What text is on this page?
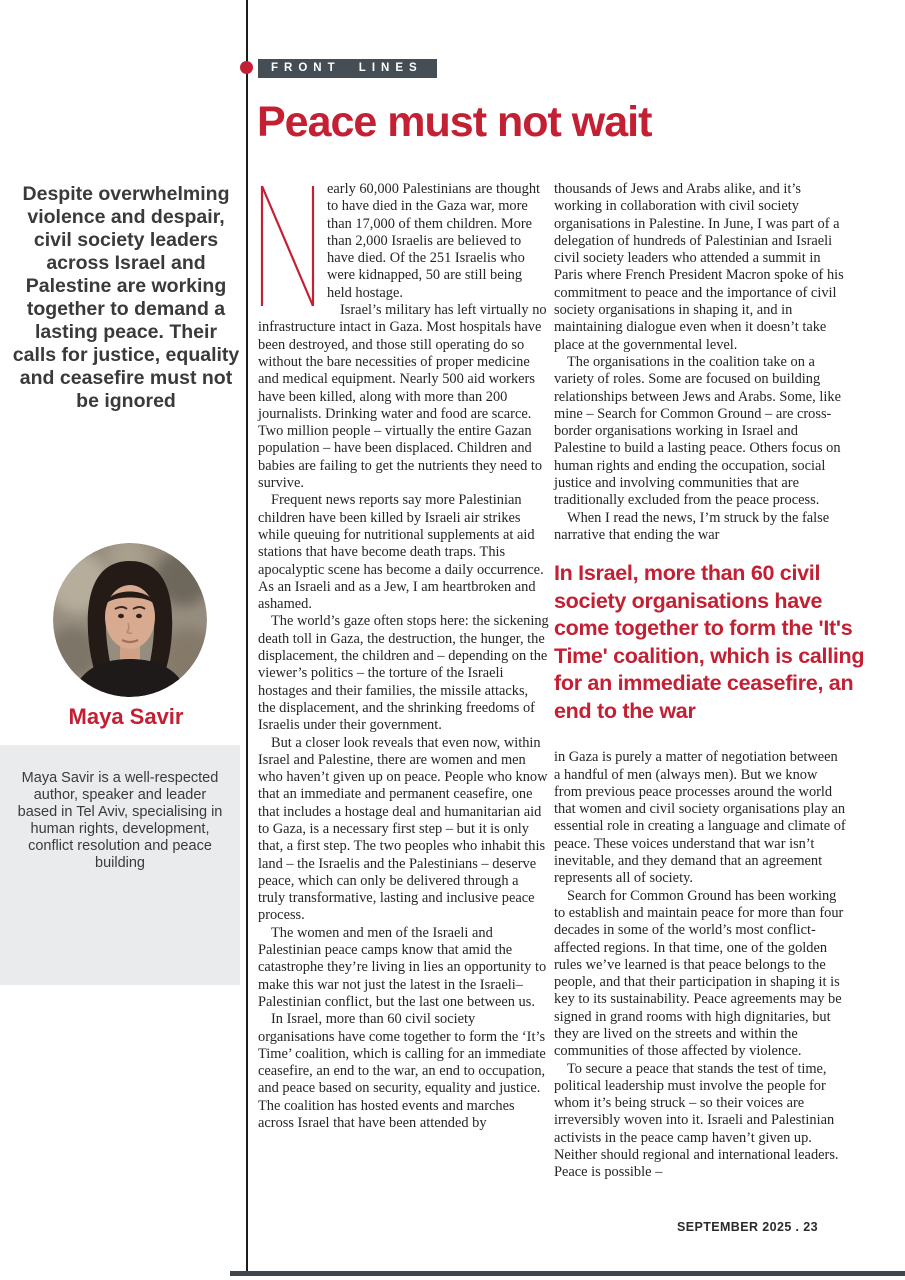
FRONT LINES
Peace must not wait
Despite overwhelming violence and despair, civil society leaders across Israel and Palestine are working together to demand a lasting peace. Their calls for justice, equality and ceasefire must not be ignored
Maya Savir
Maya Savir is a well-respected author, speaker and leader based in Tel Aviv, specialising in human rights, development, conflict resolution and peace building

early 60,000 Palestinians are thought to have died in the Gaza war, more than 17,000 of them children. More than 2,000 Israelis are believed to have died. Of the 251 Israelis who were kidnapped, 50 are still being held hostage.

Israel’s military has left virtually no infrastructure intact in Gaza. Most hospitals have been destroyed, and those still operating do so without the bare necessities of proper medicine and medical equipment. Nearly 500 aid workers have been killed, along with more than 200 journalists. Drinking water and food are scarce. Two million people – virtually the entire Gazan population – have been displaced. Children and babies are failing to get the nutrients they need to survive.

Frequent news reports say more Palestinian children have been killed by Israeli air strikes while queuing for nutritional supplements at aid stations that have become death traps. This apocalyptic scene has become a daily occurrence. As an Israeli and as a Jew, I am heartbroken and ashamed.

The world’s gaze often stops here: the sickening death toll in Gaza, the destruction, the hunger, the displacement, the children and – depending on the viewer’s politics – the torture of the Israeli hostages and their families, the missile attacks, the displacement, and the shrinking freedoms of Israelis under their government.

But a closer look reveals that even now, within Israel and Palestine, there are women and men who haven’t given up on peace. People who know that an immediate and permanent ceasefire, one that includes a hostage deal and humanitarian aid to Gaza, is a necessary first step – but it is only that, a first step. The two peoples who inhabit this land – the Israelis and the Palestinians – deserve peace, which can only be delivered through a truly transformative, lasting and inclusive peace process.

The women and men of the Israeli and Palestinian peace camps know that amid the catastrophe they’re living in lies an opportunity to make this war not just the latest in the Israeli–Palestinian conflict, but the last one between us.

In Israel, more than 60 civil society organisations have come together to form the ‘It’s Time’ coalition, which is calling for an immediate ceasefire, an end to the war, an end to occupation, and peace based on security, equality and justice. The coalition has hosted events and marches across Israel that have been attended by

thousands of Jews and Arabs alike, and it’s working in collaboration with civil society organisations in Palestine. In June, I was part of a delegation of hundreds of Palestinian and Israeli civil society leaders who attended a summit in Paris where French President Macron spoke of his commitment to peace and the importance of civil society organisations in shaping it, and in maintaining dialogue even when it doesn’t take place at the governmental level.

The organisations in the coalition take on a variety of roles. Some are focused on building relationships between Jews and Arabs. Some, like mine – Search for Common Ground – are cross-border organisations working in Israel and Palestine to build a lasting peace. Others focus on human rights and ending the occupation, social justice and involving communities that are traditionally excluded from the peace process.

When I read the news, I’m struck by the false narrative that ending the war

In Israel, more than 60 civil society organisations have come together to form the 'It's Time' coalition, which is calling for an immediate ceasefire, an end to the war

in Gaza is purely a matter of negotiation between a handful of men (always men). But we know from previous peace processes around the world that women and civil society organisations play an essential role in creating a language and climate of peace. These voices understand that war isn’t inevitable, and they demand that an agreement represents all of society.

Search for Common Ground has been working to establish and maintain peace for more than four decades in some of the world’s most conflict-affected regions. In that time, one of the golden rules we’ve learned is that peace belongs to the people, and that their participation in shaping it is key to its sustainability. Peace agreements may be signed in grand rooms with high dignitaries, but they are lived on the streets and within the communities of those affected by violence.

To secure a peace that stands the test of time, political leadership must involve the people for whom it’s being struck – so their voices are irreversibly woven into it. Israeli and Palestinian activists in the peace camp haven’t given up. Neither should regional and international leaders. Peace is possible –

SEPTEMBER 2025 . 23
